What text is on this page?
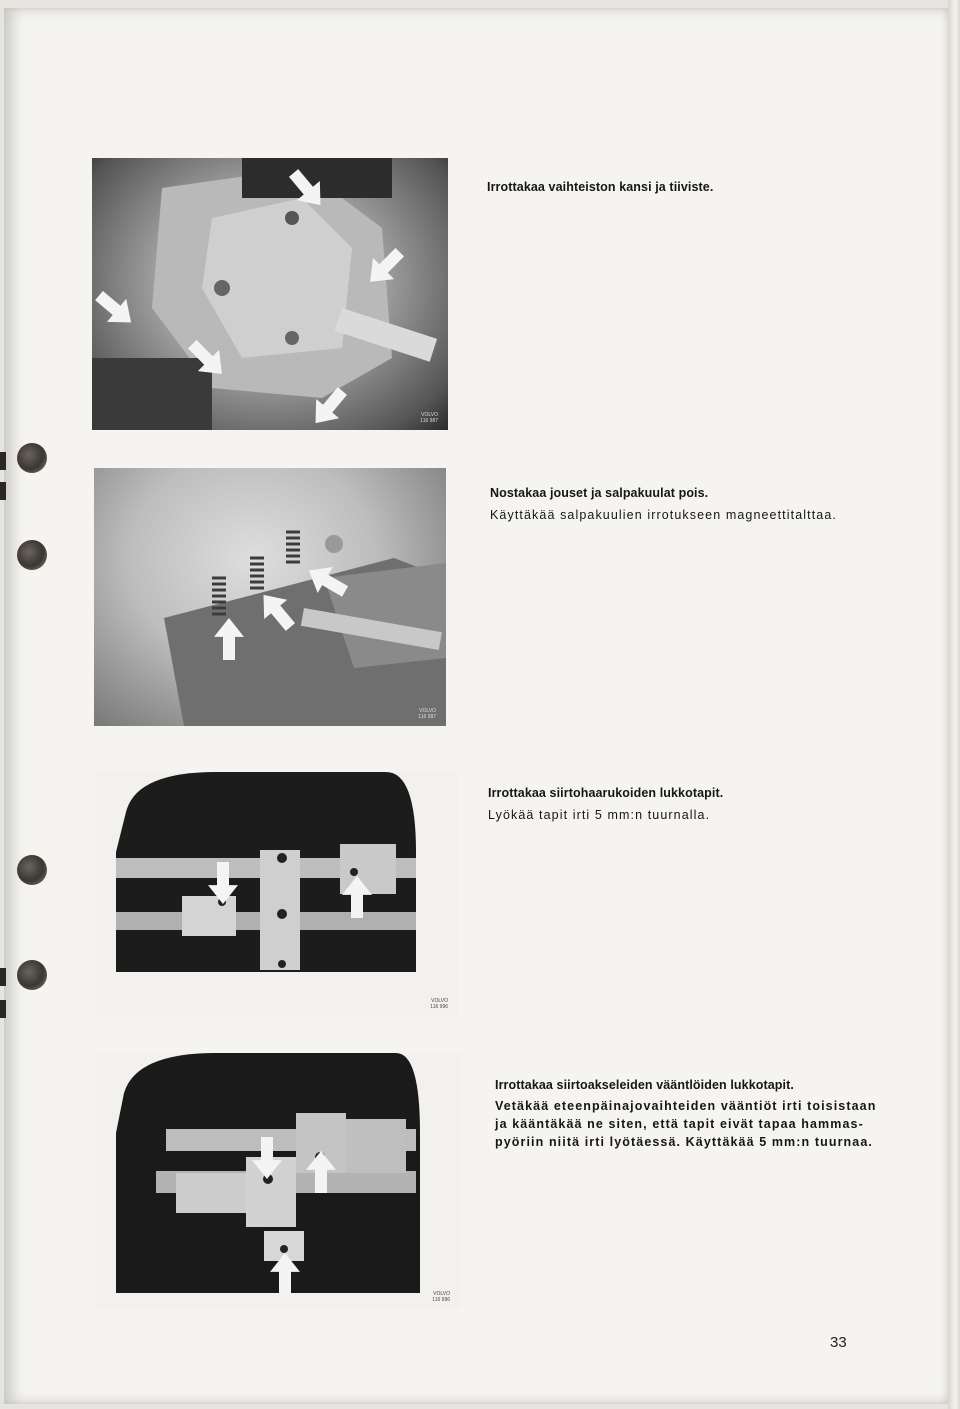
VOLVO
116 987
VOLVO
116 987
VOLVO
116 996
VOLVO
116 996
Irrottakaa vaihteiston kansi ja tiiviste.
Nostakaa jouset ja salpakuulat pois.
Käyttäkää salpakuulien irrotukseen magneettitalttaa.
Irrottakaa siirtohaarukoiden lukkotapit.
Lyökää tapit irti 5 mm:n tuurnalla.
Irrottakaa siirtoakseleiden vääntlöiden lukkotapit.
Vetäkää eteenpäinajovaihteiden vääntiöt irti toisistaan
ja kääntäkää ne siten, että tapit eivät tapaa hammas-
pyöriin niitä irti lyötäessä. Käyttäkää 5 mm:n tuurnaa.
33
